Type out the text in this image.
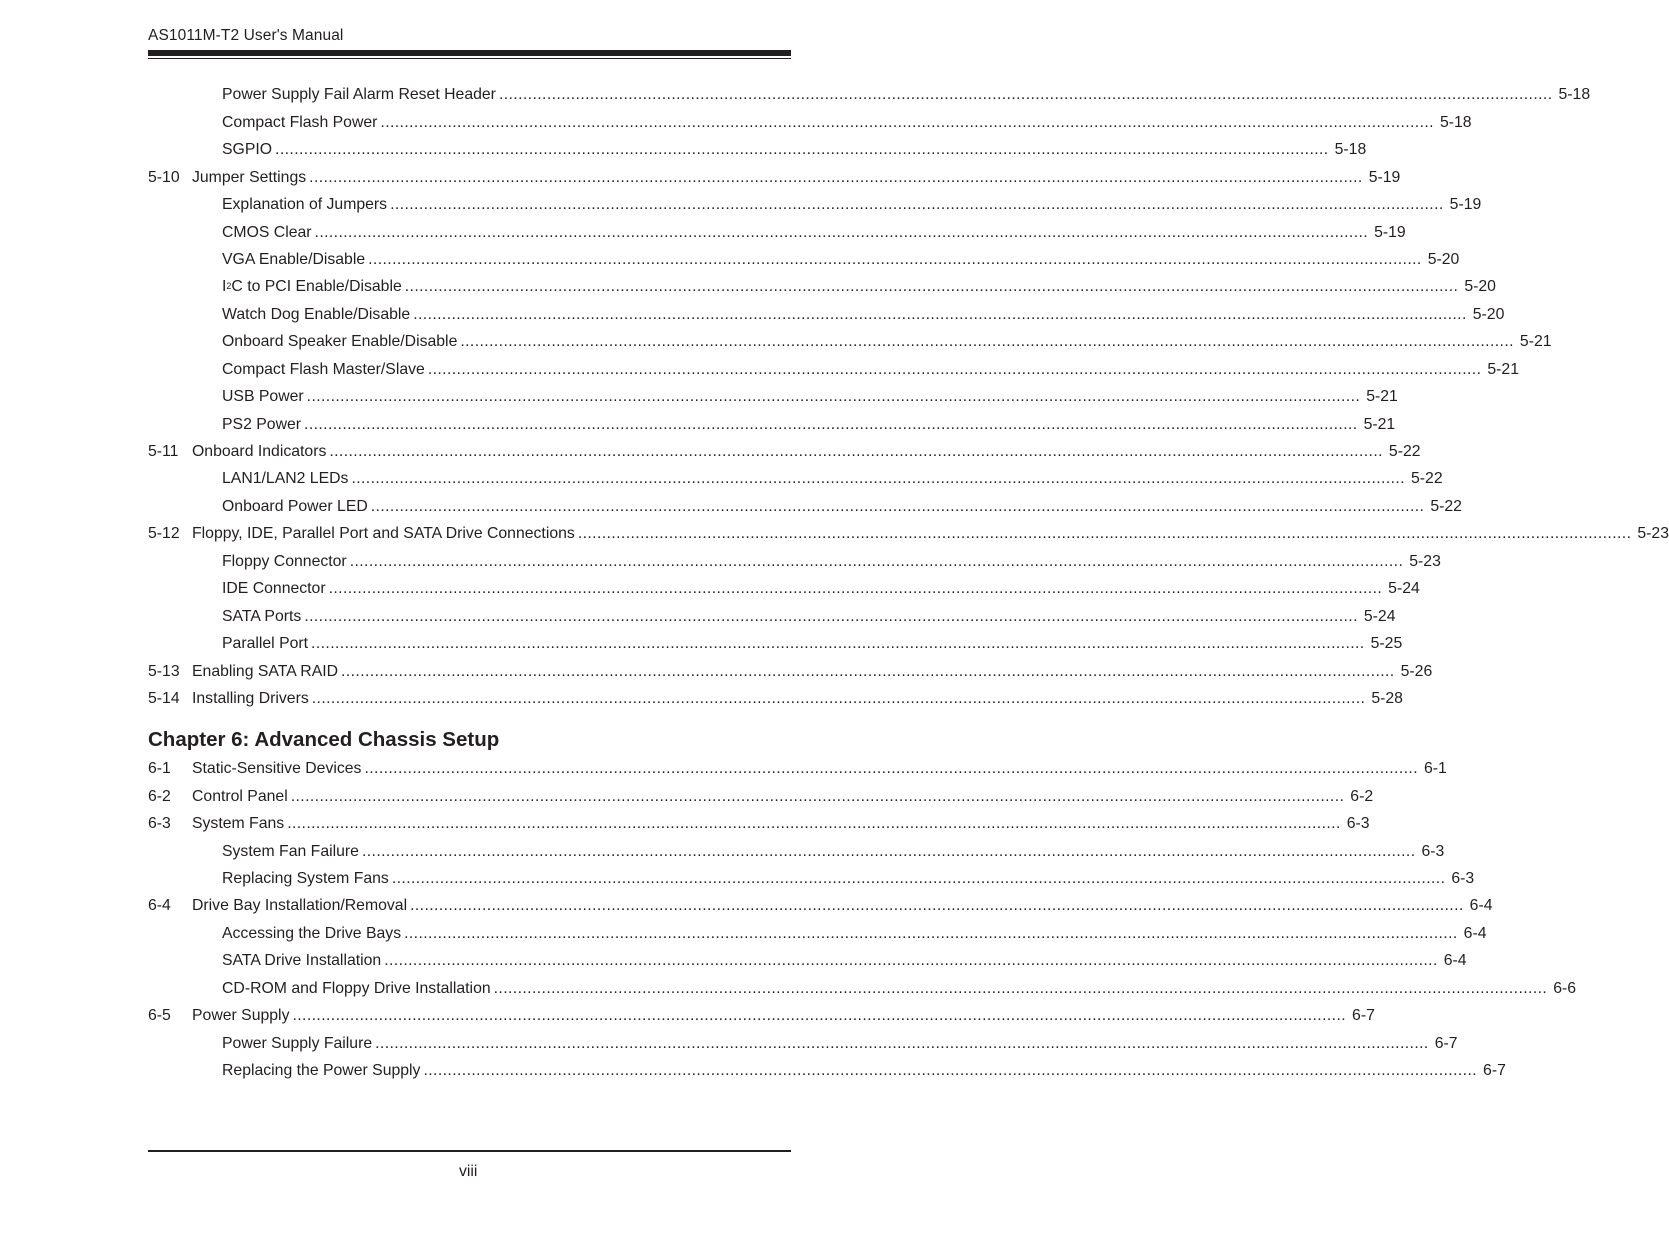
AS1011M-T2 User's Manual
Power Supply Fail Alarm Reset Header ............................................................................................................................................................................................................................ 5-18
Compact Flash Power ............................................................................................................................................................................................................................ 5-18
SGPIO ............................................................................................................................................................................................................................ 5-18
5-10 Jumper Settings ............................................................................................................................................................................................................................ 5-19
Explanation of Jumpers ............................................................................................................................................................................................................................ 5-19
CMOS Clear ............................................................................................................................................................................................................................ 5-19
VGA Enable/Disable ............................................................................................................................................................................................................................ 5-20
$I^2C$ to PCI Enable/Disable ............................................................................................................................................................................................................................ 5-20
Watch Dog Enable/Disable ............................................................................................................................................................................................................................ 5-20
Onboard Speaker Enable/Disable ............................................................................................................................................................................................................................ 5-21
Compact Flash Master/Slave ............................................................................................................................................................................................................................ 5-21
USB Power ............................................................................................................................................................................................................................ 5-21
PS2 Power ............................................................................................................................................................................................................................ 5-21
5-11 Onboard Indicators ............................................................................................................................................................................................................................ 5-22
LAN1/LAN2 LEDs ............................................................................................................................................................................................................................ 5-22
Onboard Power LED ............................................................................................................................................................................................................................ 5-22
5-12 Floppy, IDE, Parallel Port and SATA Drive Connections ............................................................................................................................................................................................................................ 5-23
Floppy Connector ............................................................................................................................................................................................................................ 5-23
IDE Connector ............................................................................................................................................................................................................................ 5-24
SATA Ports ............................................................................................................................................................................................................................ 5-24
Parallel Port ............................................................................................................................................................................................................................ 5-25
5-13 Enabling SATA RAID ............................................................................................................................................................................................................................ 5-26
5-14 Installing Drivers ............................................................................................................................................................................................................................ 5-28
6-1 Static-Sensitive Devices ............................................................................................................................................................................................................................ 6-1
6-2 Control Panel ............................................................................................................................................................................................................................ 6-2
6-3 System Fans ............................................................................................................................................................................................................................ 6-3
System Fan Failure ............................................................................................................................................................................................................................ 6-3
Replacing System Fans ............................................................................................................................................................................................................................ 6-3
6-4 Drive Bay Installation/Removal ............................................................................................................................................................................................................................ 6-4
Accessing the Drive Bays ............................................................................................................................................................................................................................ 6-4
SATA Drive Installation ............................................................................................................................................................................................................................ 6-4
CD-ROM and Floppy Drive Installation ............................................................................................................................................................................................................................ 6-6
6-5 Power Supply ............................................................................................................................................................................................................................ 6-7
Power Supply Failure ............................................................................................................................................................................................................................ 6-7
Replacing the Power Supply ............................................................................................................................................................................................................................ 6-7
Chapter 6: Advanced Chassis Setup
viii
